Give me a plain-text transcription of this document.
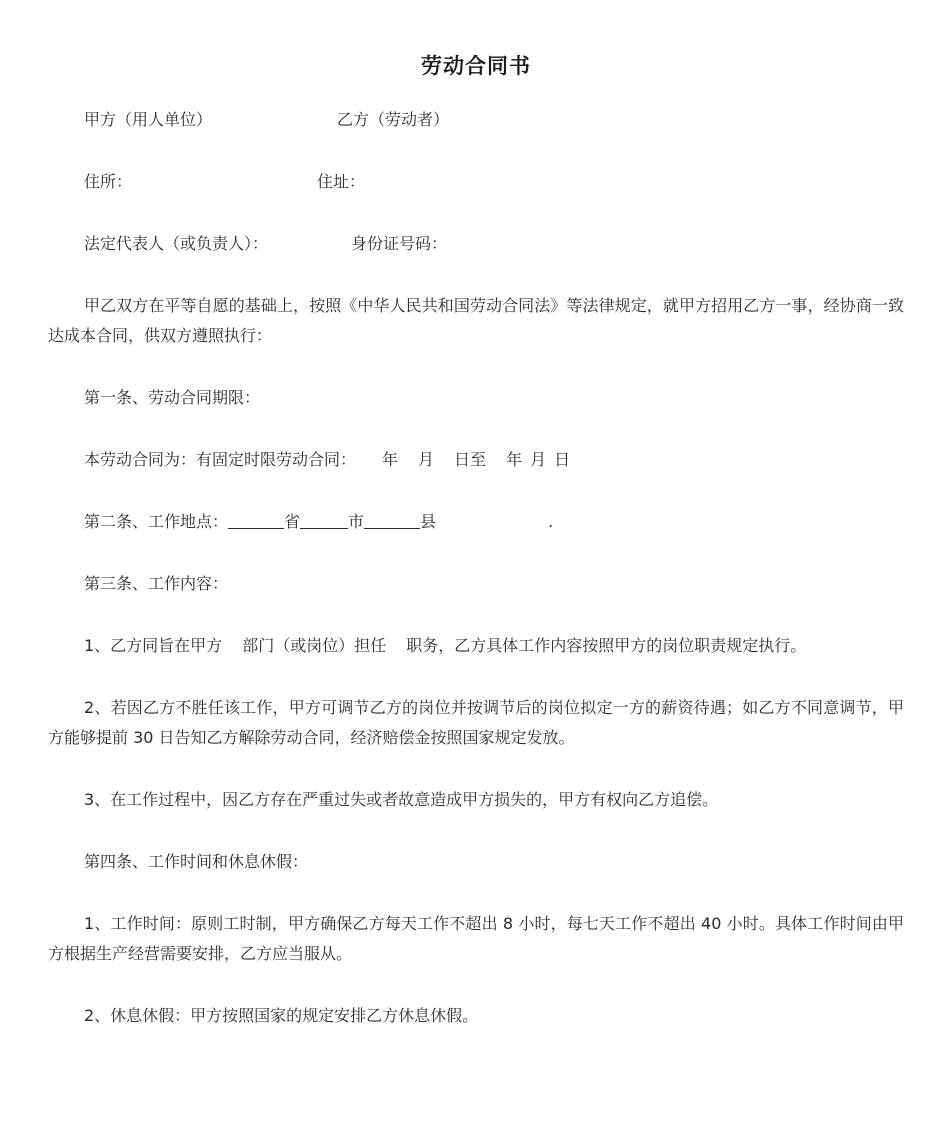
劳动合同书
甲方（用人单位）	乙方（劳动者）
住所：	住址：
法定代表人（或负责人）：	身份证号码：
甲乙双方在平等自愿的基础上，按照《中华人民共和国劳动合同法》等法律规定，就甲方招用乙方一事，经协商一致达成本合同，供双方遵照执行：
第一条、劳动合同期限：
本劳动合同为：有固定时限劳动合同： 年 月 日至 年 月 日
第二条、工作地点：	省	市	县	.
第三条、工作内容：
1、乙方同旨在甲方 部门（或岗位）担任 职务，乙方具体工作内容按照甲方的岗位职责规定执行。
2、若因乙方不胜任该工作，甲方可调节乙方的岗位并按调节后的岗位拟定一方的薪资待遇；如乙方不同意调节，甲方能够提前 30 日告知乙方解除劳动合同，经济赔偿金按照国家规定发放。
3、在工作过程中，因乙方存在严重过失或者故意造成甲方损失的，甲方有权向乙方追偿。
第四条、工作时间和休息休假：
1、工作时间：原则工时制，甲方确保乙方每天工作不超出 8 小时，每七天工作不超出 40 小时。具体工作时间由甲方根据生产经营需要安排，乙方应当服从。
2、休息休假：甲方按照国家的规定安排乙方休息休假。
